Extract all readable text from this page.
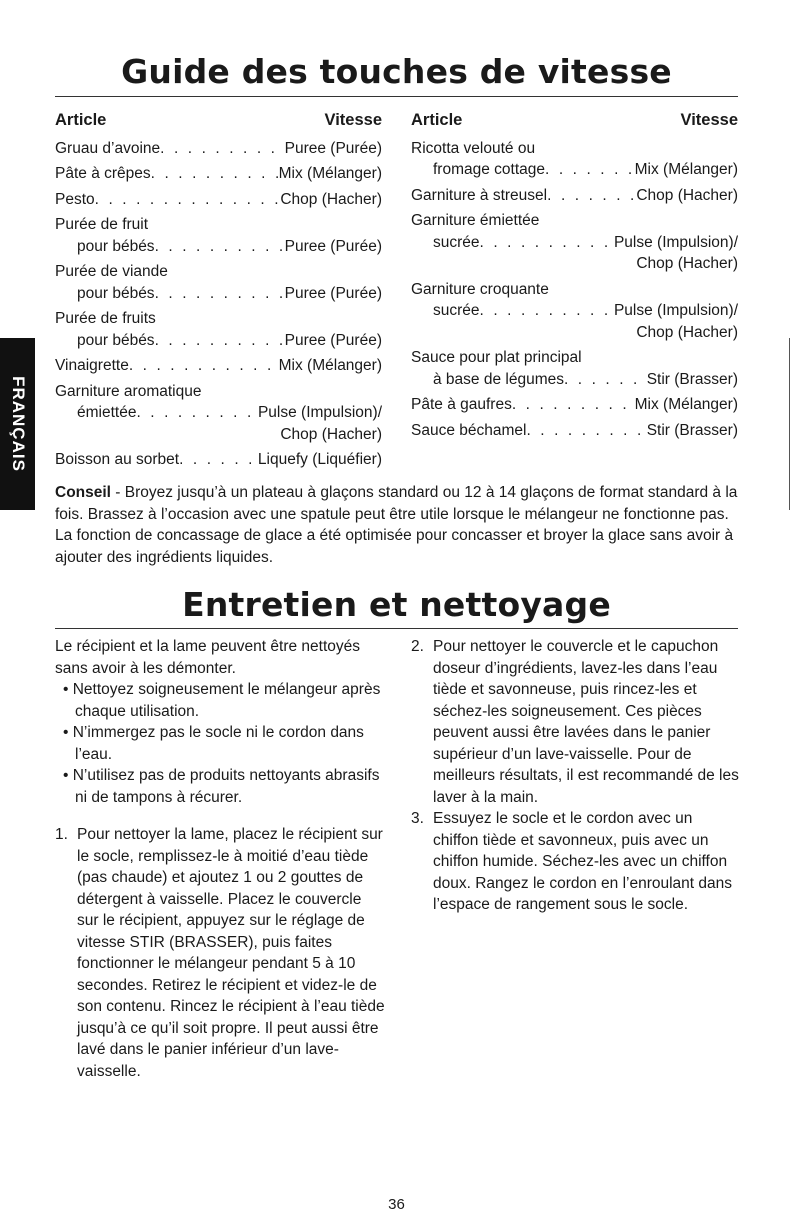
Guide des touches de vitesse
Article	Vitesse
Gruau d’avoine . . .	Puree (Purée)
Pâte à crêpes . . .	Mix (Mélanger)
Pesto . . .	Chop (Hacher)
Purée de fruit
pour bébés . . .	Puree (Purée)
Purée de viande
pour bébés . . .	Puree (Purée)
Purée de fruits
pour bébés . . .	Puree (Purée)
Vinaigrette . . .	Mix (Mélanger)
Garniture aromatique
émiettée . . .	Pulse (Impulsion)/
Chop (Hacher)
Boisson au sorbet . . .	Liquefy (Liquéfier)
Article	Vitesse
Ricotta velouté ou
fromage cottage . . .	Mix (Mélanger)
Garniture à streusel . . .	Chop (Hacher)
Garniture émiettée
sucrée . . .	Pulse (Impulsion)/
Chop (Hacher)
Garniture croquante
sucrée . . .	Pulse (Impulsion)/
Chop (Hacher)
Sauce pour plat principal
à base de légumes . . .	Stir (Brasser)
Pâte à gaufres . . .	Mix (Mélanger)
Sauce béchamel . . .	Stir (Brasser)
FRANÇAIS
Conseil - Broyez jusqu’à un plateau à glaçons standard ou 12 à 14 glaçons de format standard à la fois. Brassez à l’occasion avec une spatule peut être utile lorsque le mélangeur ne fonctionne pas. La fonction de concassage de glace a été optimisée pour concasser et broyer la glace sans avoir à ajouter des ingrédients liquides.
Entretien et nettoyage
Le récipient et la lame peuvent être nettoyés sans avoir à les démonter.
• Nettoyez soigneusement le mélangeur après chaque utilisation.
• N’immergez pas le socle ni le cordon dans l’eau.
• N’utilisez pas de produits nettoyants abrasifs ni de tampons à récurer.
1. Pour nettoyer la lame, placez le récipient sur le socle, remplissez-le à moitié d’eau tiède (pas chaude) et ajoutez 1 ou 2 gouttes de détergent à vaisselle. Placez le couvercle sur le récipient, appuyez sur le réglage de vitesse STIR (BRASSER), puis faites fonctionner le mélangeur pendant 5 à 10 secondes. Retirez le récipient et videz-le de son contenu. Rincez le récipient à l’eau tiède jusqu’à ce qu’il soit propre. Il peut aussi être lavé dans le panier inférieur d’un lave-vaisselle.
2. Pour nettoyer le couvercle et le capuchon doseur d’ingrédients, lavez-les dans l’eau tiède et savonneuse, puis rincez-les et séchez-les soigneusement. Ces pièces peuvent aussi être lavées dans le panier supérieur d’un lave-vaisselle. Pour de meilleurs résultats, il est recommandé de les laver à la main.
3. Essuyez le socle et le cordon avec un chiffon tiède et savonneux, puis avec un chiffon humide. Séchez-les avec un chiffon doux. Rangez le cordon en l’enroulant dans l’espace de rangement sous le socle.
36
